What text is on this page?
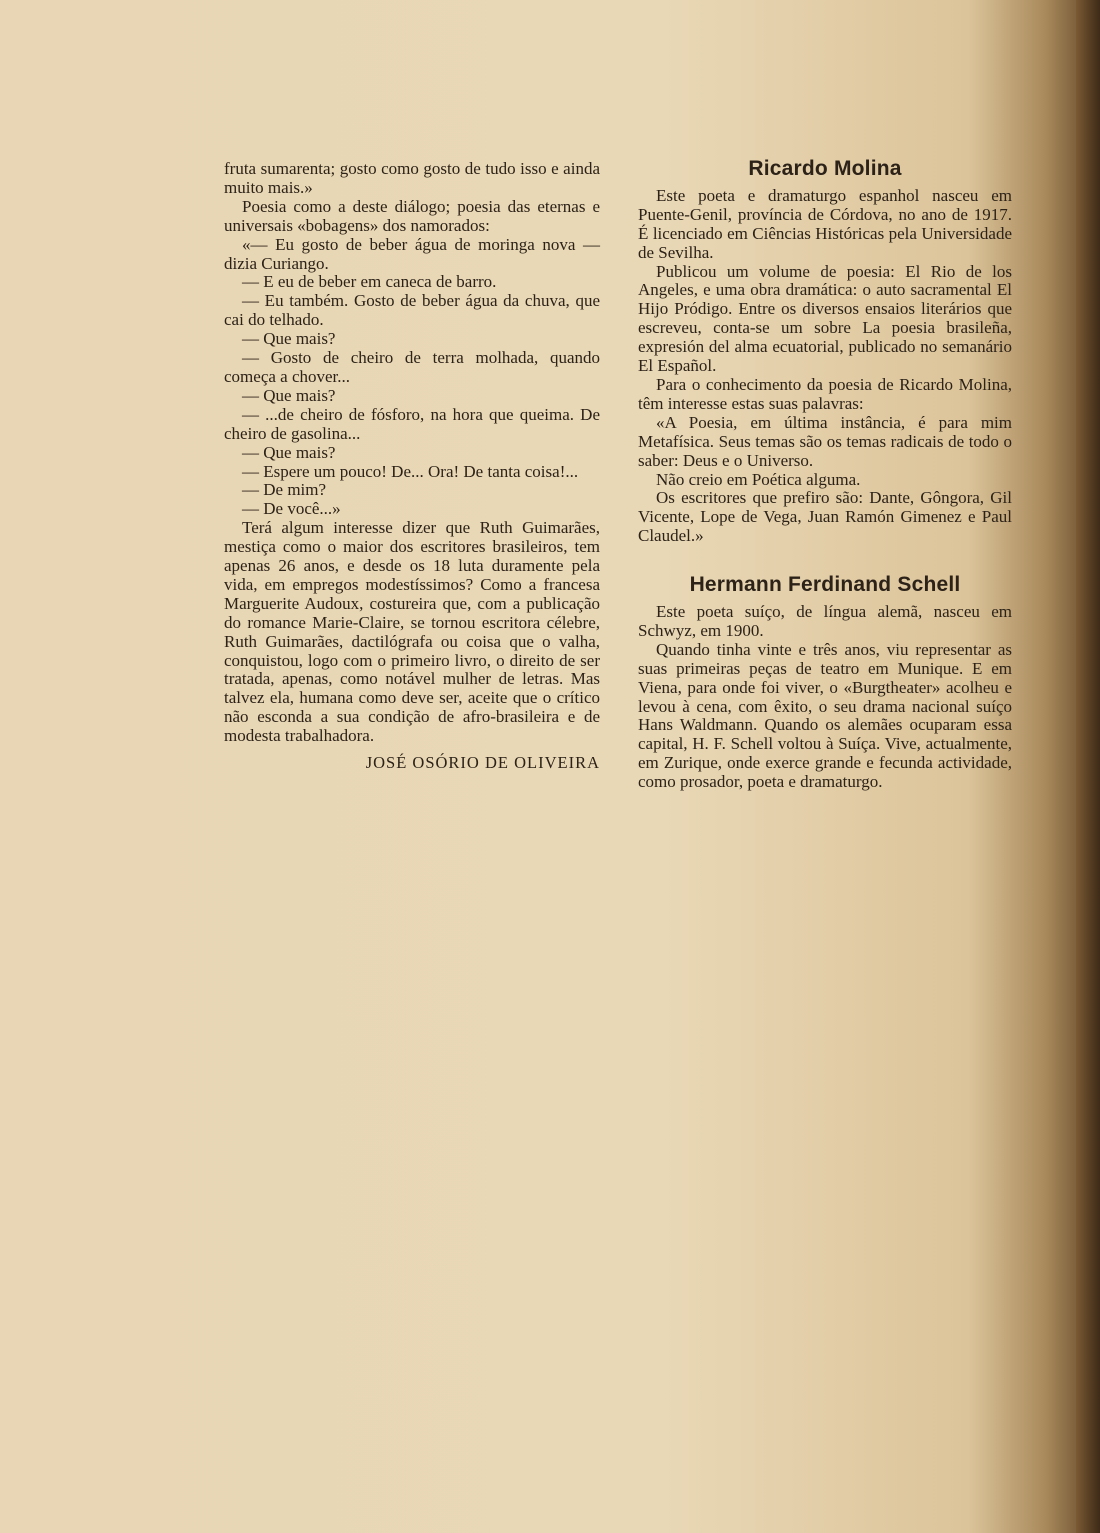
fruta sumarenta; gosto como gosto de tudo isso e ainda muito mais.»

Poesia como a deste diálogo; poesia das eternas e universais «bobagens» dos namorados:

«— Eu gosto de beber água de moringa nova — dizia Curiango.

— E eu de beber em caneca de barro.

— Eu também. Gosto de beber água da chuva, que cai do telhado.

— Que mais?

— Gosto de cheiro de terra molhada, quando começa a chover...

— Que mais?

— ...de cheiro de fósforo, na hora que queima. De cheiro de gasolina...

— Que mais?

— Espere um pouco! De... Ora! De tanta coisa!...

— De mim?

— De você...»

Terá algum interesse dizer que Ruth Guimarães, mestiça como o maior dos escritores brasileiros, tem apenas 26 anos, e desde os 18 luta duramente pela vida, em empregos modestíssimos? Como a francesa Marguerite Audoux, costureira que, com a publicação do romance Marie-Claire, se tornou escritora célebre, Ruth Guimarães, dactilógrafa ou coisa que o valha, conquistou, logo com o primeiro livro, o direito de ser tratada, apenas, como notável mulher de letras. Mas talvez ela, humana como deve ser, aceite que o crítico não esconda a sua condição de afro-brasileira e de modesta trabalhadora.

JOSÉ OSÓRIO DE OLIVEIRA
Ricardo Molina

Este poeta e dramaturgo espanhol nasceu em Puente-Genil, província de Córdova, no ano de 1917. É licenciado em Ciências Históricas pela Universidade de Sevilha.

Publicou um volume de poesia: El Rio de los Angeles, e uma obra dramática: o auto sacramental El Hijo Pródigo. Entre os diversos ensaios literários que escreveu, conta-se um sobre La poesia brasileña, expresión del alma ecuatorial, publicado no semanário El Español.

Para o conhecimento da poesia de Ricardo Molina, têm interesse estas suas palavras:

«A Poesia, em última instância, é para mim Metafísica. Seus temas são os temas radicais de todo o saber: Deus e o Universo.

Não creio em Poética alguma.

Os escritores que prefiro são: Dante, Gôngora, Gil Vicente, Lope de Vega, Juan Ramón Gimenez e Paul Claudel.»

Hermann Ferdinand Schell

Este poeta suíço, de língua alemã, nasceu em Schwyz, em 1900.

Quando tinha vinte e três anos, viu representar as suas primeiras peças de teatro em Munique. E em Viena, para onde foi viver, o «Burgtheater» acolheu e levou à cena, com êxito, o seu drama nacional suíço Hans Waldmann. Quando os alemães ocuparam essa capital, H. F. Schell voltou à Suíça. Vive, actualmente, em Zurique, onde exerce grande e fecunda actividade, como prosador, poeta e dramaturgo.
